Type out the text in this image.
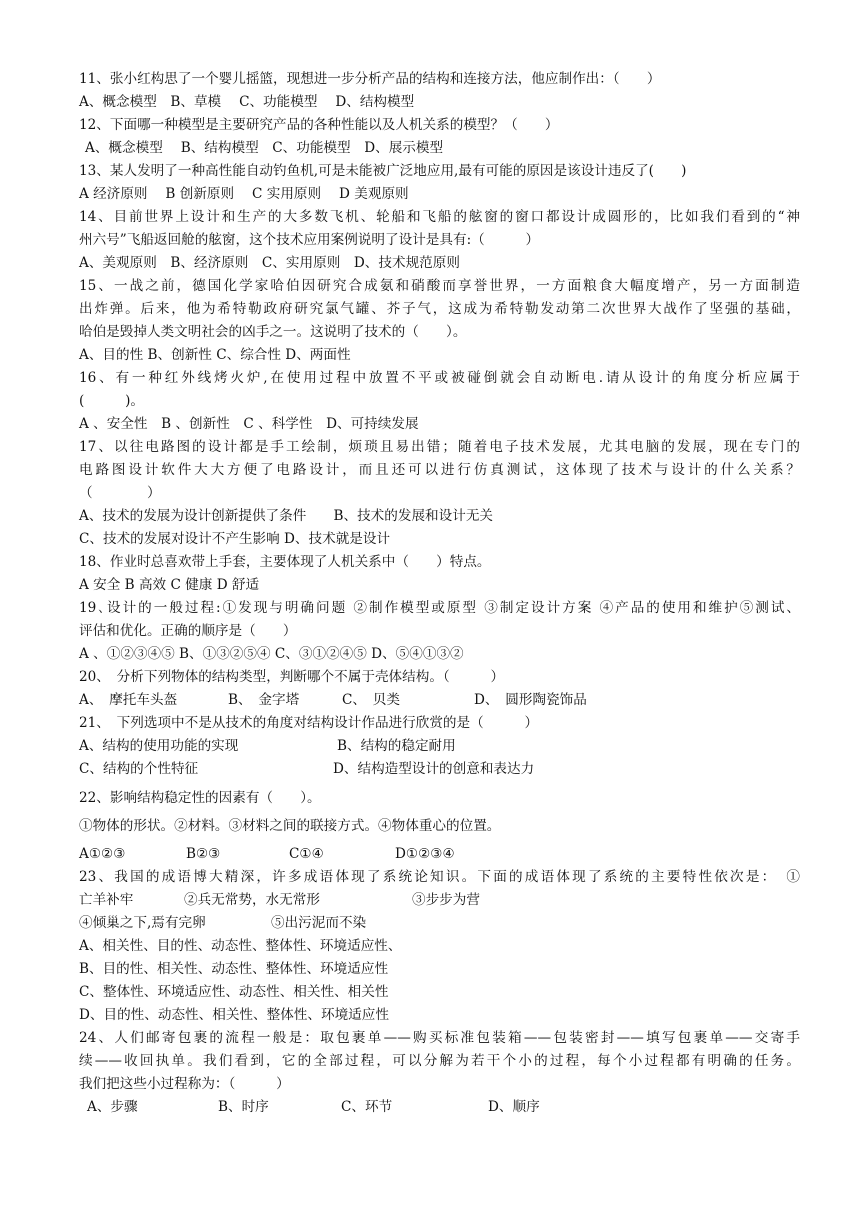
11、张小红构思了一个婴儿摇篮，现想进一步分析产品的结构和连接方法，他应制作出：（　　）
A、概念模型　B、草模　 C、功能模型　 D、结构模型
12、下面哪一种模型是主要研究产品的各种性能以及人机关系的模型？（　　）
A、概念模型　 B、结构模型　C、功能模型　D、展示模型
13、某人发明了一种高性能自动钓鱼机,可是未能被广泛地应用,最有可能的原因是该设计违反了(　　)
A 经济原则　 B 创新原则　 C 实用原则　 D 美观原则
14、目前世界上设计和生产的大多数飞机、轮船和飞船的舷窗的窗口都设计成圆形的，比如我们看到的“神
州六号”飞船返回舱的舷窗，这个技术应用案例说明了设计是具有:（　　　）
A、美观原则　B、经济原则　C、实用原则　D、技术规范原则
15、一战之前，德国化学家哈伯因研究合成氨和硝酸而享誉世界，一方面粮食大幅度增产，另一方面制造
出炸弹。后来，他为希特勒政府研究氯气罐、芥子气，这成为希特勒发动第二次世界大战作了坚强的基础，
哈伯是毁掉人类文明社会的凶手之一。这说明了技术的（　　）。
A、目的性 B、创新性 C、综合性 D、两面性
16、有一种红外线烤火炉,在使用过程中放置不平或被碰倒就会自动断电.请从设计的角度分析应属于
(　　　)。
A 、安全性　B 、创新性　C 、科学性　D、可持续发展
17、以往电路图的设计都是手工绘制，烦琐且易出错；随着电子技术发展，尤其电脑的发展，现在专门的
电路图设计软件大大方便了电路设计，而且还可以进行仿真测试，这体现了技术与设计的什么关系？
（　　　　）
A、技术的发展为设计创新提供了条件　　B、技术的发展和设计无关
C、技术的发展对设计不产生影响 D、技术就是设计
18、作业时总喜欢带上手套，主要体现了人机关系中（　　）特点。
A 安全 B 高效 C 健康 D 舒适
19､设计的一般过程:①发现与明确问题 ②制作模型或原型 ③制定设计方案 ④产品的使用和维护⑤测试、
评估和优化。正确的顺序是（　　）
A 、①②③④⑤ B、①③②⑤④ C、③①②④⑤ D、⑤④①③②
20、　分析下列物体的结构类型，判断哪个不属于壳体结构。（　　　）
A、　摩托车头盔	B、　金字塔	C、　贝类	D、　圆形陶瓷饰品
21、　下列选项中不是从技术的角度对结构设计作品进行欣赏的是（　　　）
A、结构的使用功能的实现	B、结构的稳定耐用
C、结构的个性特征	D、结构造型设计的创意和表达力
22、影响结构稳定性的因素有（　　）。
①物体的形状。②材料。③材料之间的联接方式。④物体重心的位置。
A①②③	B②③	C①④	D①②③④
23、我国的成语博大精深，许多成语体现了系统论知识。下面的成语体现了系统的主要特性依次是：　①
亡羊补牢	②兵无常势，水无常形	③步步为营
④倾巢之下,焉有完卵	⑤出污泥而不染
A、相关性、目的性、动态性、整体性、环境适应性、
B、目的性、相关性、动态性、整体性、环境适应性
C、整体性、环境适应性、动态性、相关性、相关性
D、目的性、动态性、相关性、整体性、环境适应性
24、人们邮寄包裹的流程一般是：取包裹单——购买标准包装箱——包装密封——填写包裹单——交寄手
续——收回执单。我们看到，它的全部过程，可以分解为若干个小的过程，每个小过程都有明确的任务。
我们把这些小过程称为：（　　　）
A、步骤	B、时序	C、环节	D、顺序
